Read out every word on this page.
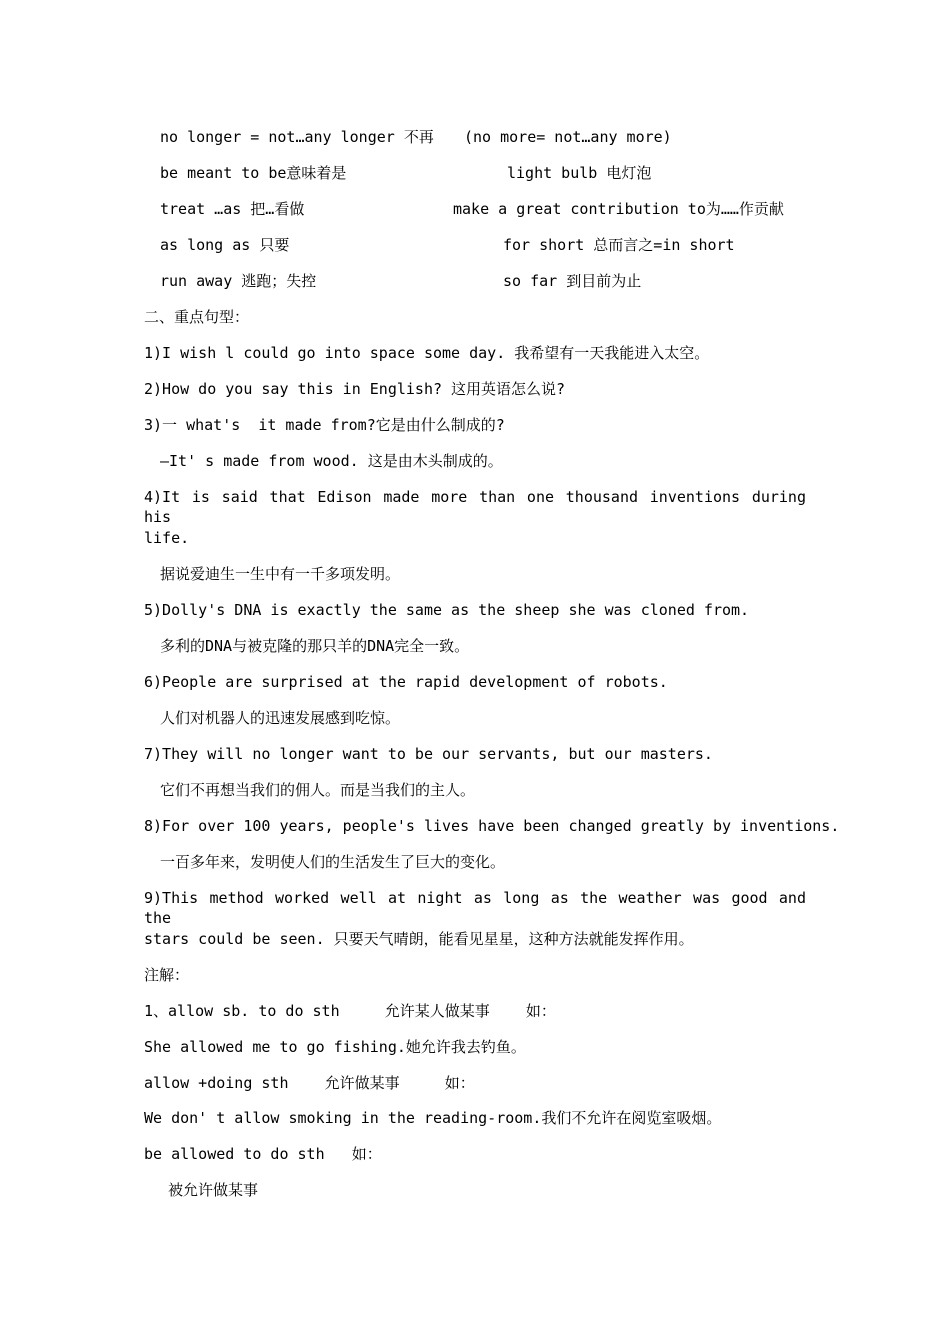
no longer = not…any longer 不再 (no more= not…any more)
be meant to be意味着是	light bulb 电灯泡
treat …as 把…看做	make a great contribution to为……作贡献
as long as 只要	for short 总而言之=in short
run away 逃跑；失控	so far 到目前为止
二、重点句型：
1)I wish l could go into space some day. 我希望有一天我能进入太空。
2)How do you say this in English? 这用英语怎么说?
3)一 what's  it made from?它是由什么制成的?
—It' s made from wood. 这是由木头制成的。
4)It is said that Edison made more than one thousand inventions during his
life.
据说爱迪生一生中有一千多项发明。
5)Dolly's DNA is exactly the same as the sheep she was cloned from.
多利的DNA与被克隆的那只羊的DNA完全一致。
6)People are surprised at the rapid development of robots.
人们对机器人的迅速发展感到吃惊。
7)They will no longer want to be our servants, but our masters.
它们不再想当我们的佣人。而是当我们的主人。
8)For over 100 years, people's lives have been changed greatly by inventions.
一百多年来，发明使人们的生活发生了巨大的变化。
9)This method worked well at night as long as the weather was good and the
stars could be seen. 只要天气晴朗，能看见星星，这种方法就能发挥作用。
注解：
1、allow sb. to do sth     允许某人做某事    如：
She allowed me to go fishing.她允许我去钓鱼。
allow +doing sth    允许做某事     如：
We don' t allow smoking in the reading-room.我们不允许在阅览室吸烟。
be allowed to do sth   如：
被允许做某事
